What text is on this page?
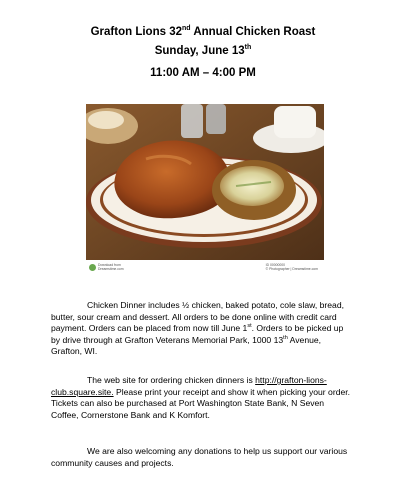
Grafton Lions 32nd Annual Chicken Roast
Sunday, June 13th
11:00 AM – 4:00 PM
Download from
Dreamstime.com
ID 00000000
© Photographer | Dreamstime.com
Chicken Dinner includes ½ chicken, baked potato, cole slaw, bread, butter, sour cream and dessert. All orders to be done online with credit card payment. Orders can be placed from now till June 1st. Orders to be picked up by drive through at Grafton Veterans Memorial Park, 1000 13th Avenue, Grafton, WI.
The web site for ordering chicken dinners is http://grafton-lions-club.square.site. Please print your receipt and show it when picking your order. Tickets can also be purchased at Port Washington State Bank, N Seven Coffee, Cornerstone Bank and K Komfort.
We are also welcoming any donations to help us support our various community causes and projects.
